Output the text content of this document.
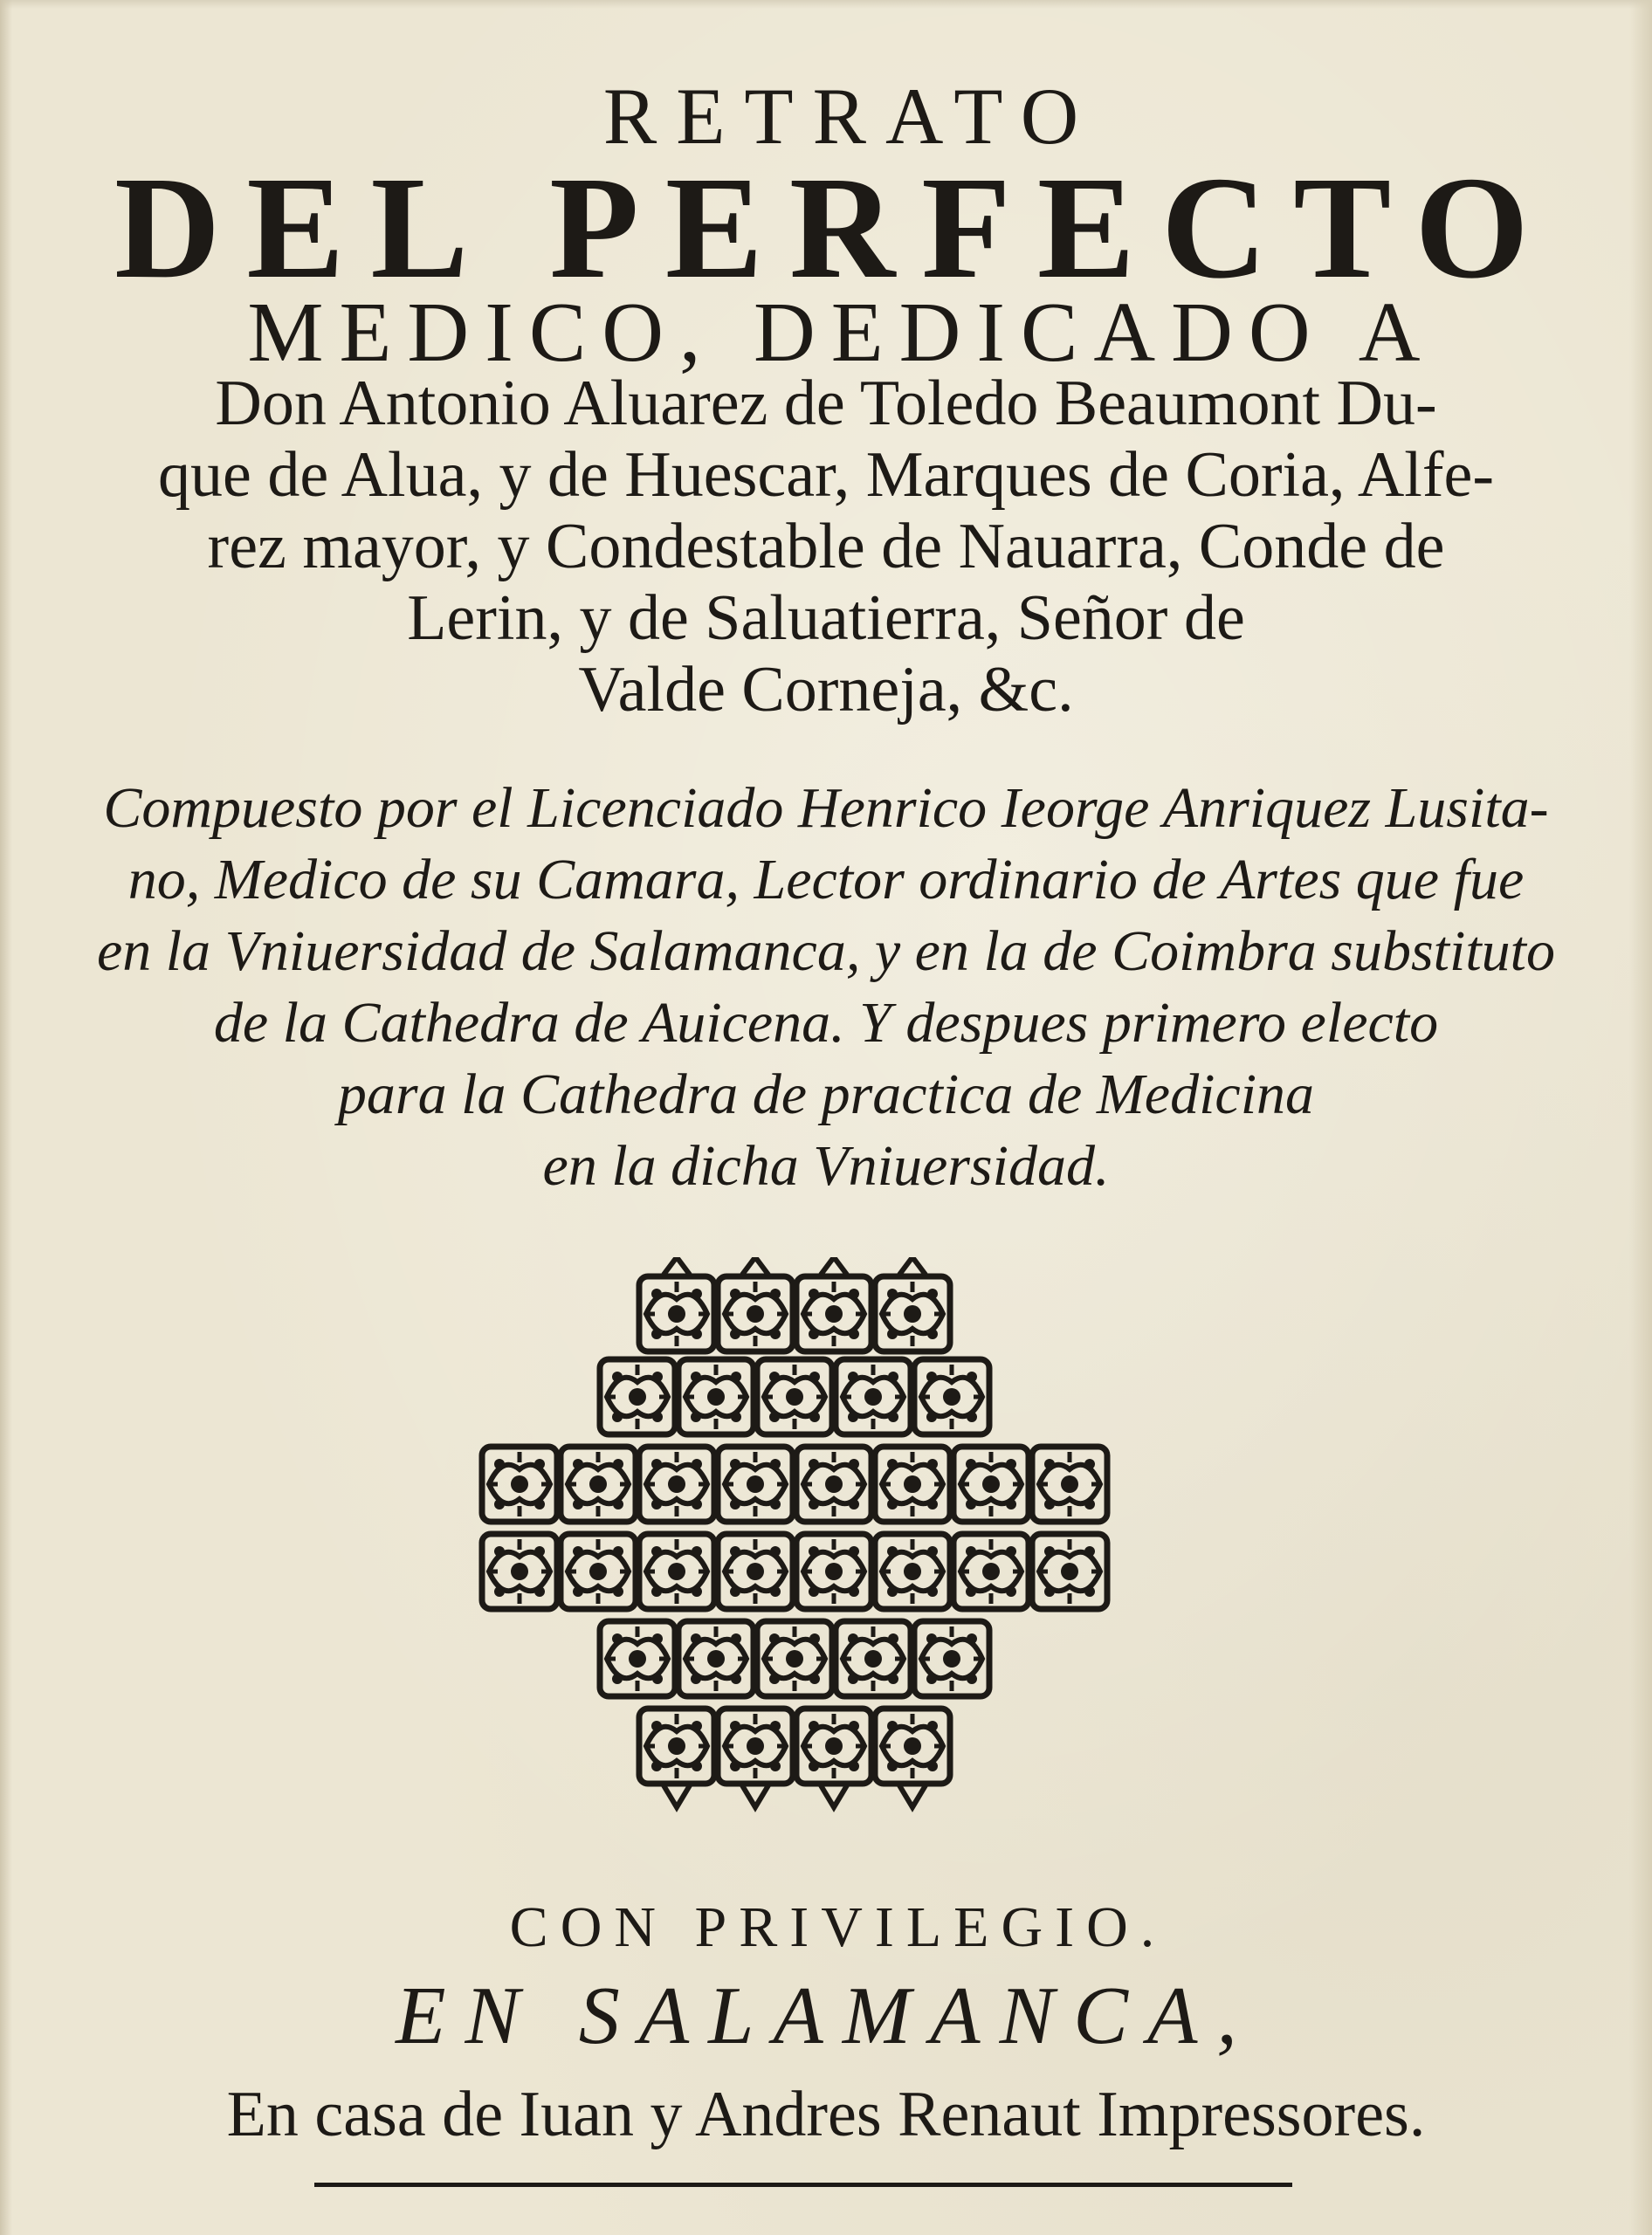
RETRATO

DEL PERFECTO

MEDICO, DEDICADO A

Don Antonio Aluarez de Toledo Beaumont Du-

que de Alua, y de Huescar, Marques de Coria, Alfe-

rez mayor, y Condestable de Nauarra, Conde de

Lerin, y de Saluatierra, Señor de

Valde Corneja, &c.

Compuesto por el Licenciado Henrico Ieorge Anriquez Lusita-

no, Medico de su Camara, Lector ordinario de Artes que fue

en la Vniuersidad de Salamanca, y en la de Coimbra substituto

de la Cathedra de Auicena. Y despues primero electo

para la Cathedra de practica de Medicina

en la dicha Vniuersidad.

CON PRIVILEGIO.

EN SALAMANCA,

En casa de Iuan y Andres Renaut Impressores.
